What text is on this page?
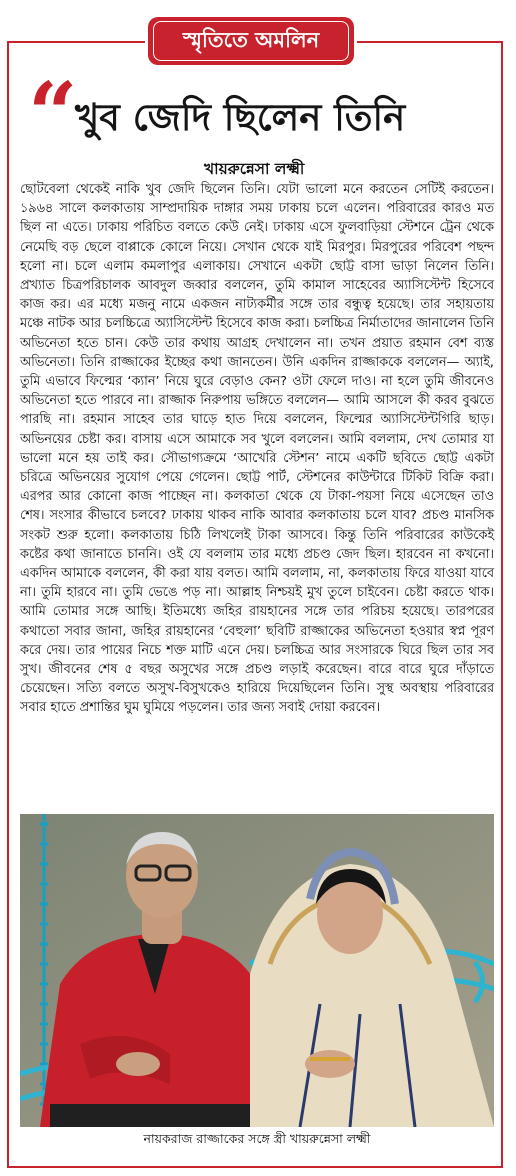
স্মৃতিতে অমলিন
“
খুব জেদি ছিলেন তিনি
খায়রুন্নেসা লক্ষ্মী
ছোটবেলা থেকেই নাকি খুব জেদি ছিলেন তিনি। যেটা ভালো মনে করতেন সেটিই করতেন। ১৯৬৪ সালে কলকাতায় সাম্প্রদায়িক দাঙ্গার সময় ঢাকায় চলে এলেন। পরিবারের কারও মত ছিল না এতে। ঢাকায় পরিচিত বলতে কেউ নেই। ঢাকায় এসে ফুলবাড়িয়া স্টেশনে ট্রেন থেকে নেমেছি বড় ছেলে বাপ্পাকে কোলে নিয়ে। সেখান থেকে যাই মিরপুর। মিরপুরের পরিবেশ পছন্দ হলো না। চলে এলাম কমলাপুর এলাকায়। সেখানে একটা ছোট্ট বাসা ভাড়া নিলেন তিনি। প্রখ্যাত চিত্রপরিচালক আবদুল জব্বার বললেন, তুমি কামাল সাহেবের অ্যাসিস্টেন্ট হিসেবে কাজ কর। এর মধ্যে মজনু নামে একজন নাট্যকর্মীর সঙ্গে তার বন্ধুত্ব হয়েছে। তার সহায়তায় মঞ্চে নাটক আর চলচ্চিত্রে অ্যাসিস্টেন্ট হিসেবে কাজ করা। চলচ্চিত্র নির্মাতাদের জানালেন তিনি অভিনেতা হতে চান। কেউ তার কথায় আগ্রহ দেখালেন না। তখন প্রয়াত রহমান বেশ ব্যস্ত অভিনেতা। তিনি রাজ্জাকের ইচ্ছের কথা জানতেন। উনি একদিন রাজ্জাককে বললেন— অ্যাই, তুমি এভাবে ফিল্মের ‘ক্যান’ নিয়ে ঘুরে বেড়াও কেন? ওটা ফেলে দাও। না হলে তুমি জীবনেও অভিনেতা হতে পারবে না। রাজ্জাক নিরুপায় ভঙ্গিতে বললেন— আমি আসলে কী করব বুঝতে পারছি না। রহমান সাহেব তার ঘাড়ে হাত দিয়ে বললেন, ফিল্মের অ্যাসিস্টেন্টগিরি ছাড়। অভিনয়ের চেষ্টা কর। বাসায় এসে আমাকে সব খুলে বললেন। আমি বললাম, দেখ তোমার যা ভালো মনে হয় তাই কর। সৌভাগ্যক্রমে ‘আখেরি স্টেশন’ নামে একটি ছবিতে ছোট্ট একটা চরিত্রে অভিনয়ের সুযোগ পেয়ে গেলেন। ছোট্ট পার্ট, স্টেশনের কাউন্টারে টিকিট বিক্রি করা। এরপর আর কোনো কাজ পাচ্ছেন না। কলকাতা থেকে যে টাকা-পয়সা নিয়ে এসেছেন তাও শেষ। সংসার কীভাবে চলবে? ঢাকায় থাকব নাকি আবার কলকাতায় চলে যাব? প্রচণ্ড মানসিক সংকট শুরু হলো। কলকাতায় চিঠি লিখলেই টাকা আসবে। কিন্তু তিনি পরিবারের কাউকেই কষ্টের কথা জানাতে চাননি। ওই যে বললাম তার মধ্যে প্রচণ্ড জেদ ছিল। হারবেন না কখনো। একদিন আমাকে বললেন, কী করা যায় বলত। আমি বললাম, না, কলকাতায় ফিরে যাওয়া যাবে না। তুমি হারবে না। তুমি ভেঙে পড় না। আল্লাহ নিশ্চয়ই মুখ তুলে চাইবেন। চেষ্টা করতে থাক। আমি তোমার সঙ্গে আছি। ইতিমধ্যে জহির রায়হানের সঙ্গে তার পরিচয় হয়েছে। তারপরের কথাতো সবার জানা, জহির রায়হানের ‘বেহুলা’ ছবিটি রাজ্জাকের অভিনেতা হওয়ার স্বপ্ন পূরণ করে দেয়। তার পায়ের নিচে শক্ত মাটি এনে দেয়। চলচ্চিত্র আর সংসারকে ঘিরে ছিল তার সব সুখ। জীবনের শেষ ৫ বছর অসুখের সঙ্গে প্রচণ্ড লড়াই করেছেন। বারে বারে ঘুরে দাঁড়াতে চেয়েছেন। সত্যি বলতে অসুখ-বিসুখকেও হারিয়ে দিয়েছিলেন তিনি। সুস্থ অবস্থায় পরিবারের সবার হাতে প্রশান্তির ঘুম ঘুমিয়ে পড়লেন। তার জন্য সবাই দোয়া করবেন।
নায়করাজ রাজ্জাকের সঙ্গে স্ত্রী খায়রুন্নেসা লক্ষ্মী
